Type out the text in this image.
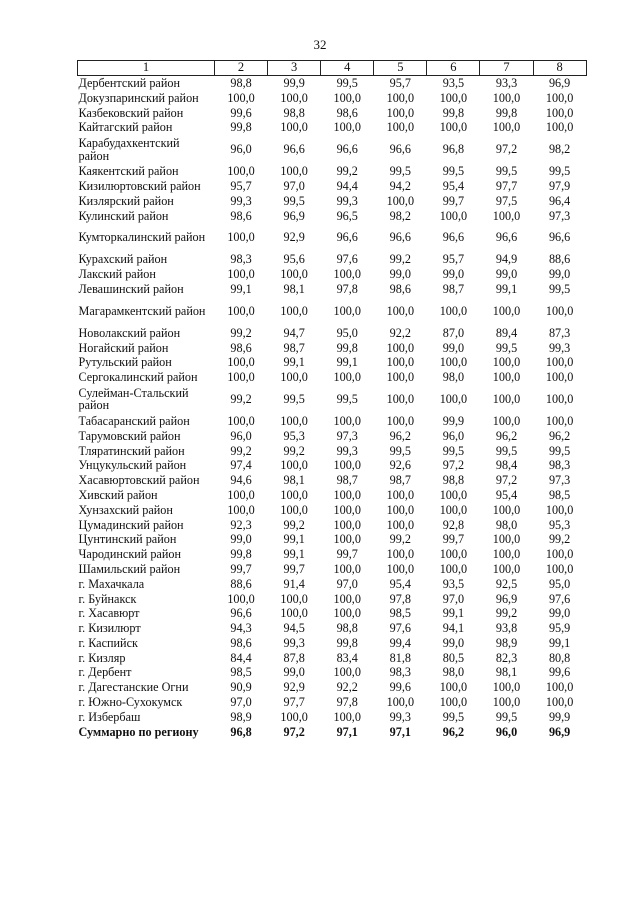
32
1	2	3	4	5	6	7	8
Дербентский район	98,8	99,9	99,5	95,7	93,5	93,3	96,9
Докузпаринский район	100,0	100,0	100,0	100,0	100,0	100,0	100,0
Казбековский район	99,6	98,8	98,6	100,0	99,8	99,8	100,0
Кайтагский район	99,8	100,0	100,0	100,0	100,0	100,0	100,0
Карабудахкентский район	96,0	96,6	96,6	96,6	96,8	97,2	98,2
Каякентский район	100,0	100,0	99,2	99,5	99,5	99,5	99,5
Кизилюртовский район	95,7	97,0	94,4	94,2	95,4	97,7	97,9
Кизлярский район	99,3	99,5	99,3	100,0	99,7	97,5	96,4
Кулинский район	98,6	96,9	96,5	98,2	100,0	100,0	97,3
Кумторкалинский район	100,0	92,9	96,6	96,6	96,6	96,6	96,6
Курахский район	98,3	95,6	97,6	99,2	95,7	94,9	88,6
Лакский район	100,0	100,0	100,0	99,0	99,0	99,0	99,0
Левашинский район	99,1	98,1	97,8	98,6	98,7	99,1	99,5
Магарамкентский район	100,0	100,0	100,0	100,0	100,0	100,0	100,0
Новолакский район	99,2	94,7	95,0	92,2	87,0	89,4	87,3
Ногайский район	98,6	98,7	99,8	100,0	99,0	99,5	99,3
Рутульский район	100,0	99,1	99,1	100,0	100,0	100,0	100,0
Сергокалинский район	100,0	100,0	100,0	100,0	98,0	100,0	100,0
Сулейман-Стальский район	99,2	99,5	99,5	100,0	100,0	100,0	100,0
Табасаранский район	100,0	100,0	100,0	100,0	99,9	100,0	100,0
Тарумовский район	96,0	95,3	97,3	96,2	96,0	96,2	96,2
Тляратинский район	99,2	99,2	99,3	99,5	99,5	99,5	99,5
Унцукульский район	97,4	100,0	100,0	92,6	97,2	98,4	98,3
Хасавюртовский район	94,6	98,1	98,7	98,7	98,8	97,2	97,3
Хивский район	100,0	100,0	100,0	100,0	100,0	95,4	98,5
Хунзахский район	100,0	100,0	100,0	100,0	100,0	100,0	100,0
Цумадинский район	92,3	99,2	100,0	100,0	92,8	98,0	95,3
Цунтинский район	99,0	99,1	100,0	99,2	99,7	100,0	99,2
Чародинский район	99,8	99,1	99,7	100,0	100,0	100,0	100,0
Шамильский район	99,7	99,7	100,0	100,0	100,0	100,0	100,0
г. Махачкала	88,6	91,4	97,0	95,4	93,5	92,5	95,0
г. Буйнакск	100,0	100,0	100,0	97,8	97,0	96,9	97,6
г. Хасавюрт	96,6	100,0	100,0	98,5	99,1	99,2	99,0
г. Кизилюрт	94,3	94,5	98,8	97,6	94,1	93,8	95,9
г. Каспийск	98,6	99,3	99,8	99,4	99,0	98,9	99,1
г. Кизляр	84,4	87,8	83,4	81,8	80,5	82,3	80,8
г. Дербент	98,5	99,0	100,0	98,3	98,0	98,1	99,6
г. Дагестанские Огни	90,9	92,9	92,2	99,6	100,0	100,0	100,0
г. Южно-Сухокумск	97,0	97,7	97,8	100,0	100,0	100,0	100,0
г. Избербаш	98,9	100,0	100,0	99,3	99,5	99,5	99,9
Суммарно по региону	96,8	97,2	97,1	97,1	96,2	96,0	96,9
